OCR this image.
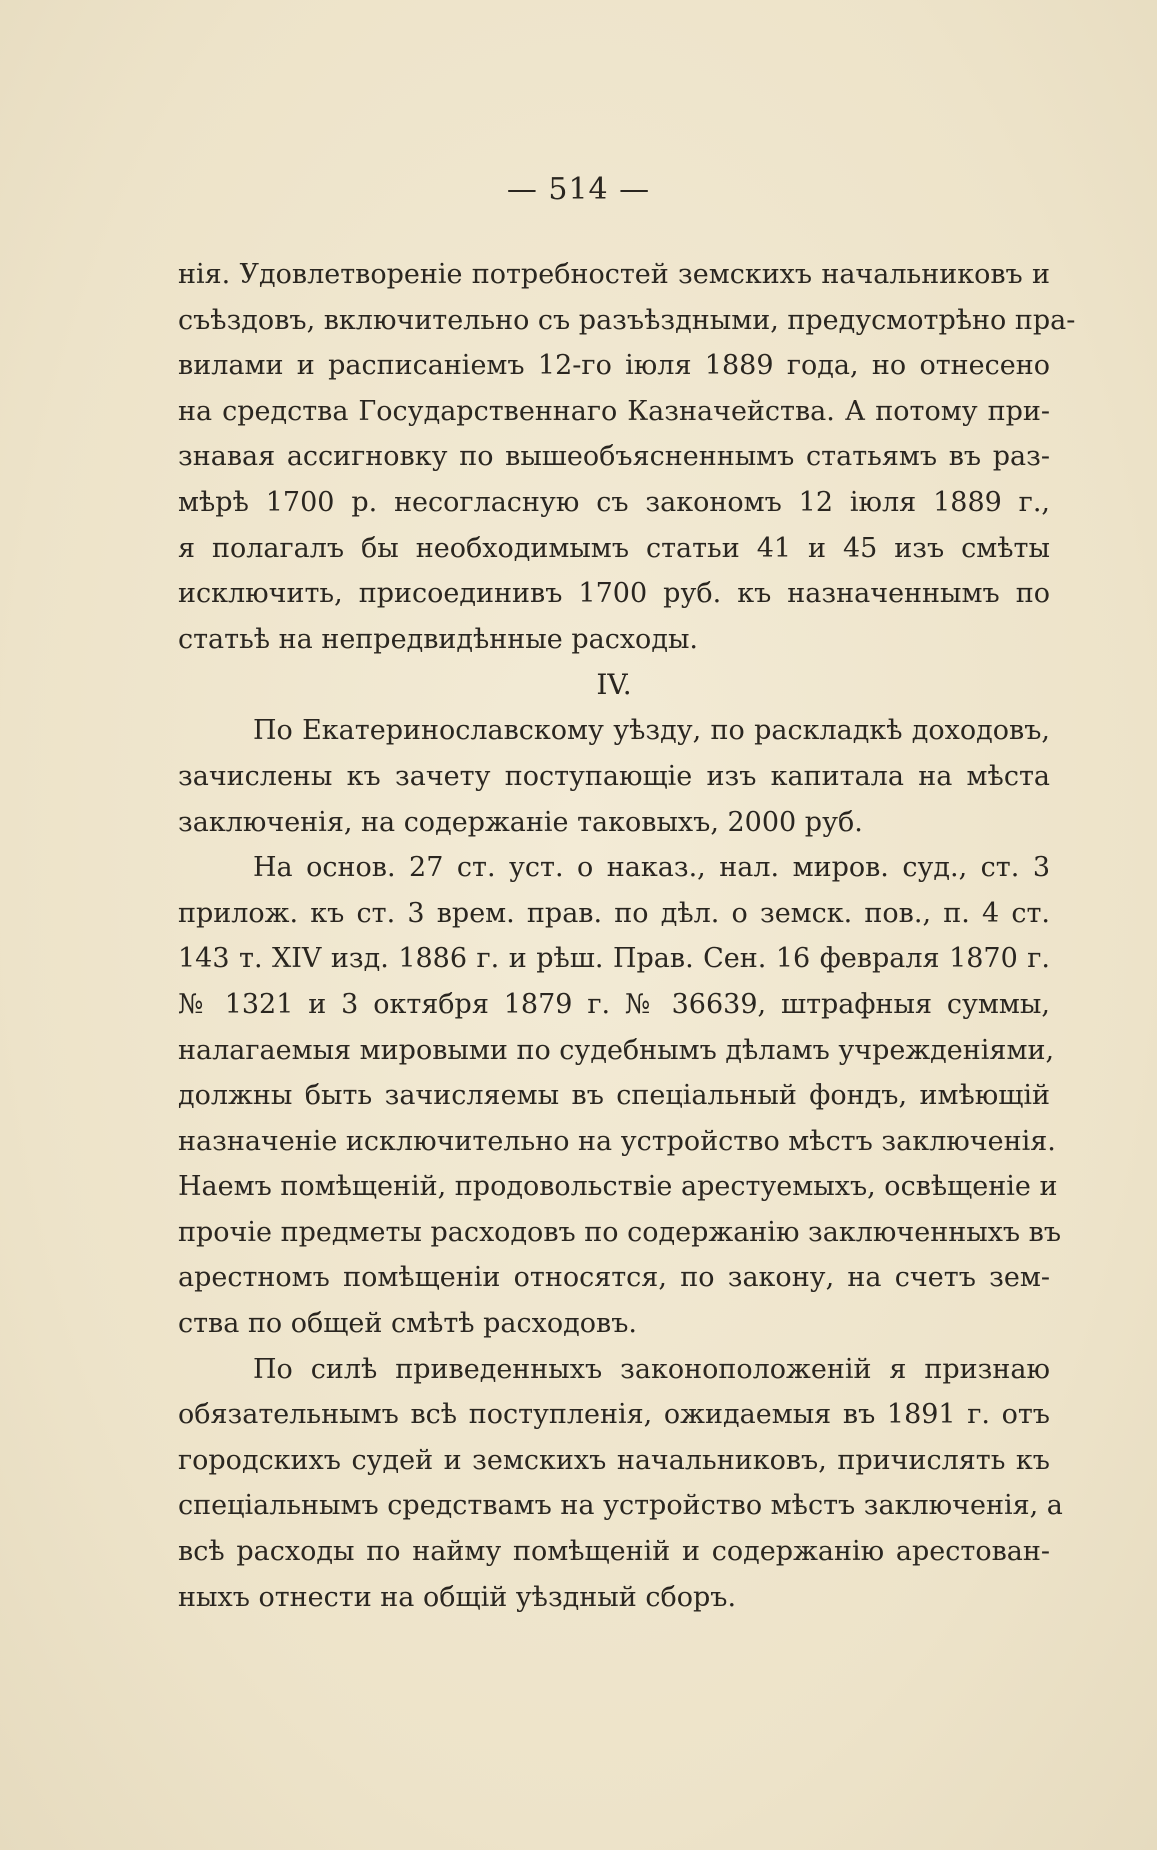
— 514 —
нія. Удовлетвореніе потребностей земскихъ начальниковъ и
съѣздовъ, включительно съ разъѣздными, предусмотрѣно пра-
вилами и расписаніемъ 12-го іюля 1889 года, но отнесено
на средства Государственнаго Казначейства. А потому при-
знавая ассигновку по вышеобъясненнымъ статьямъ въ раз-
мѣрѣ 1700 р. несогласную съ закономъ 12 іюля 1889 г.,
я полагалъ бы необходимымъ статьи 41 и 45 изъ смѣты
исключить, присоединивъ 1700 руб. къ назначеннымъ по
статьѣ на непредвидѣнные расходы.
IV.
По Екатеринославскому уѣзду, по раскладкѣ доходовъ,
зачислены къ зачету поступающіе изъ капитала на мѣста
заключенія, на содержаніе таковыхъ, 2000 руб.
На основ. 27 ст. уст. о наказ., нал. миров. суд., ст. 3
прилож. къ ст. 3 врем. прав. по дѣл. о земск. пов., п. 4 ст.
143 т. XIV изд. 1886 г. и рѣш. Прав. Сен. 16 февраля 1870 г.
№ 1321 и 3 октября 1879 г. № 36639, штрафныя суммы,
налагаемыя мировыми по судебнымъ дѣламъ учрежденіями,
должны быть зачисляемы въ спеціальный фондъ, имѣющій
назначеніе исключительно на устройство мѣстъ заключенія.
Наемъ помѣщеній, продовольствіе арестуемыхъ, освѣщеніе и
прочіе предметы расходовъ по содержанію заключенныхъ въ
арестномъ помѣщеніи относятся, по закону, на счетъ зем-
ства по общей смѣтѣ расходовъ.
По силѣ приведенныхъ законоположеній я признаю
обязательнымъ всѣ поступленія, ожидаемыя въ 1891 г. отъ
городскихъ судей и земскихъ начальниковъ, причислять къ
спеціальнымъ средствамъ на устройство мѣстъ заключенія, а
всѣ расходы по найму помѣщеній и содержанію арестован-
ныхъ отнести на общій уѣздный сборъ.
